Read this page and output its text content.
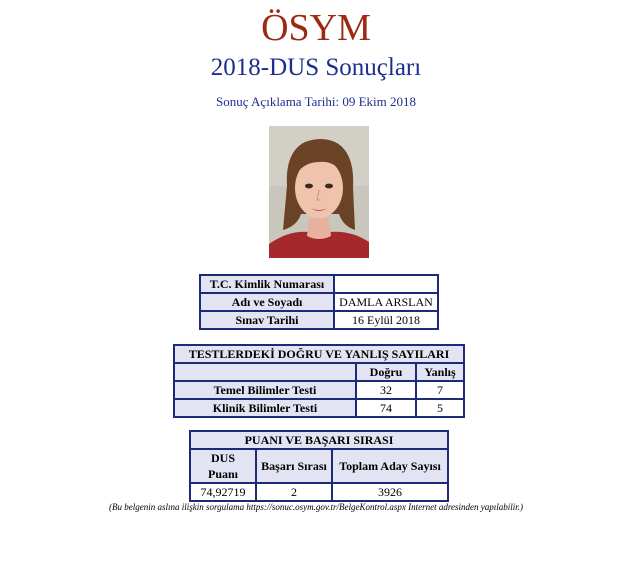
ÖSYM
2018-DUS Sonuçları
Sonuç Açıklama Tarihi: 09 Ekim 2018
T.C. Kimlik Numarası	
Adı ve Soyadı	DAMLA ARSLAN
Sınav Tarihi	16 Eylül 2018
TESTLERDEKİ DOĞRU VE YANLIŞ SAYILARI		
	Doğru	Yanlış
Temel Bilimler Testi	32	7
Klinik Bilimler Testi	74	5
PUANI VE BAŞARI SIRASI		
DUS Puanı	Başarı Sırası	Toplam Aday Sayısı
74,92719	2	3926
(Bu belgenin aslına ilişkin sorgulama https://sonuc.osym.gov.tr/BelgeKontrol.aspx Internet adresinden yapılabilir.)
